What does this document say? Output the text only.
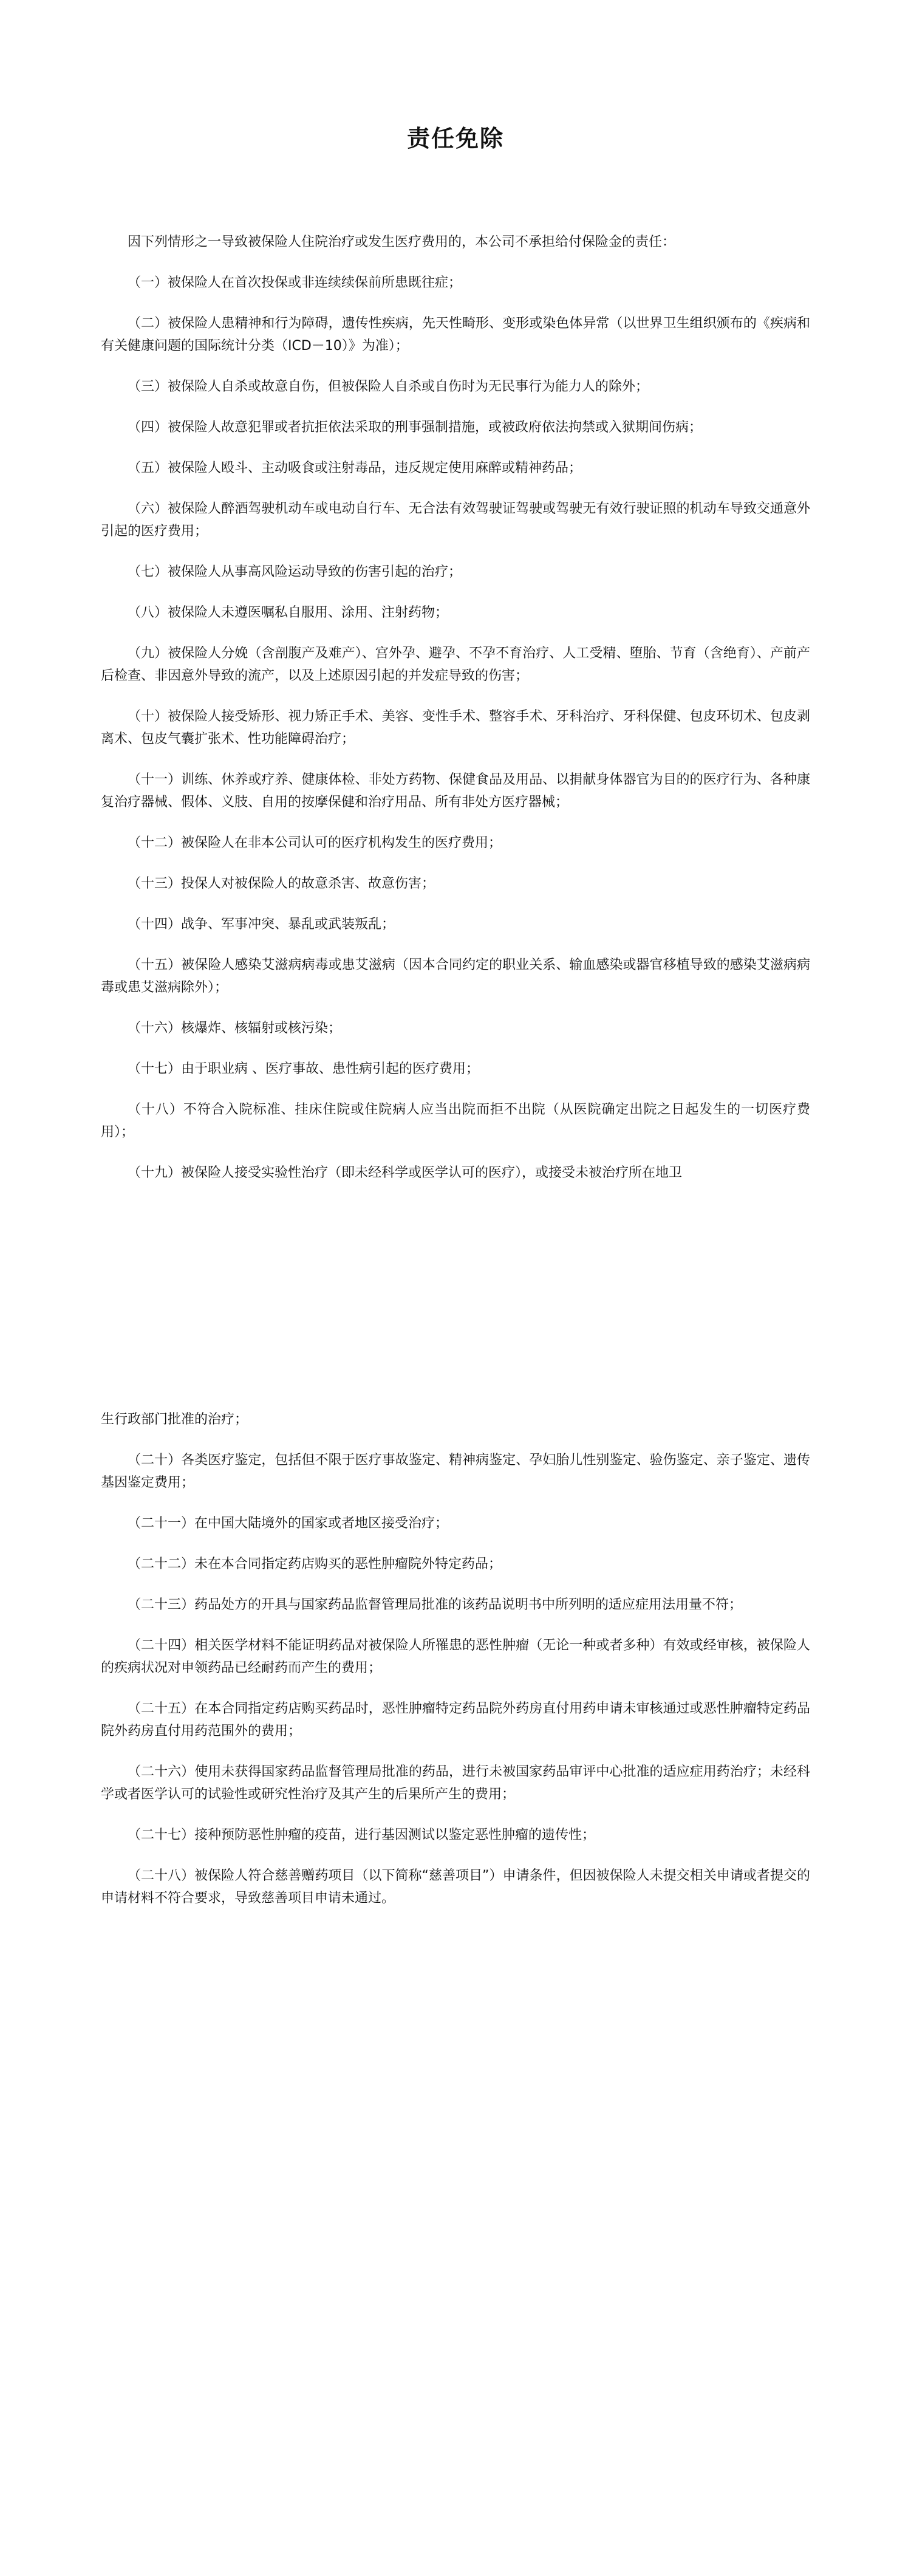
责任免除

因下列情形之一导致被保险人住院治疗或发生医疗费用的，本公司不承担给付保险金的责任：

（一）被保险人在首次投保或非连续续保前所患既往症；

（二）被保险人患精神和行为障碍，遗传性疾病，先天性畸形、变形或染色体异常（以世界卫生组织颁布的《疾病和有关健康问题的国际统计分类（ICD－10）》为准）；

（三）被保险人自杀或故意自伤，但被保险人自杀或自伤时为无民事行为能力人的除外；

（四）被保险人故意犯罪或者抗拒依法采取的刑事强制措施，或被政府依法拘禁或入狱期间伤病；

（五）被保险人殴斗、主动吸食或注射毒品，违反规定使用麻醉或精神药品；

（六）被保险人醉酒驾驶机动车或电动自行车、无合法有效驾驶证驾驶或驾驶无有效行驶证照的机动车导致交通意外引起的医疗费用；

（七）被保险人从事高风险运动导致的伤害引起的治疗；

（八）被保险人未遵医嘱私自服用、涂用、注射药物；

（九）被保险人分娩（含剖腹产及难产）、宫外孕、避孕、不孕不育治疗、人工受精、堕胎、节育（含绝育）、产前产后检查、非因意外导致的流产，以及上述原因引起的并发症导致的伤害；

（十）被保险人接受矫形、视力矫正手术、美容、变性手术、整容手术、牙科治疗、牙科保健、包皮环切术、包皮剥离术、包皮气囊扩张术、性功能障碍治疗；

（十一）训练、休养或疗养、健康体检、非处方药物、保健食品及用品、以捐献身体器官为目的的医疗行为、各种康复治疗器械、假体、义肢、自用的按摩保健和治疗用品、所有非处方医疗器械；

（十二）被保险人在非本公司认可的医疗机构发生的医疗费用；

（十三）投保人对被保险人的故意杀害、故意伤害；

（十四）战争、军事冲突、暴乱或武装叛乱；

（十五）被保险人感染艾滋病病毒或患艾滋病（因本合同约定的职业关系、输血感染或器官移植导致的感染艾滋病病毒或患艾滋病除外）；

（十六）核爆炸、核辐射或核污染；

（十七）由于职业病 、医疗事故、患性病引起的医疗费用；

（十八）不符合入院标准、挂床住院或住院病人应当出院而拒不出院（从医院确定出院之日起发生的一切医疗费用）；

（十九）被保险人接受实验性治疗（即未经科学或医学认可的医疗），或接受未被治疗所在地卫

生行政部门批准的治疗；

（二十）各类医疗鉴定，包括但不限于医疗事故鉴定、精神病鉴定、孕妇胎儿性别鉴定、验伤鉴定、亲子鉴定、遗传基因鉴定费用；

（二十一）在中国大陆境外的国家或者地区接受治疗；

（二十二）未在本合同指定药店购买的恶性肿瘤院外特定药品；

（二十三）药品处方的开具与国家药品监督管理局批准的该药品说明书中所列明的适应症用法用量不符；

（二十四）相关医学材料不能证明药品对被保险人所罹患的恶性肿瘤（无论一种或者多种）有效或经审核，被保险人的疾病状况对申领药品已经耐药而产生的费用；

（二十五）在本合同指定药店购买药品时，恶性肿瘤特定药品院外药房直付用药申请未审核通过或恶性肿瘤特定药品院外药房直付用药范围外的费用；

（二十六）使用未获得国家药品监督管理局批准的药品，进行未被国家药品审评中心批准的适应症用药治疗；未经科学或者医学认可的试验性或研究性治疗及其产生的后果所产生的费用；

（二十七）接种预防恶性肿瘤的疫苗，进行基因测试以鉴定恶性肿瘤的遗传性；

（二十八）被保险人符合慈善赠药项目（以下简称“慈善项目”）申请条件，但因被保险人未提交相关申请或者提交的申请材料不符合要求，导致慈善项目申请未通过。
